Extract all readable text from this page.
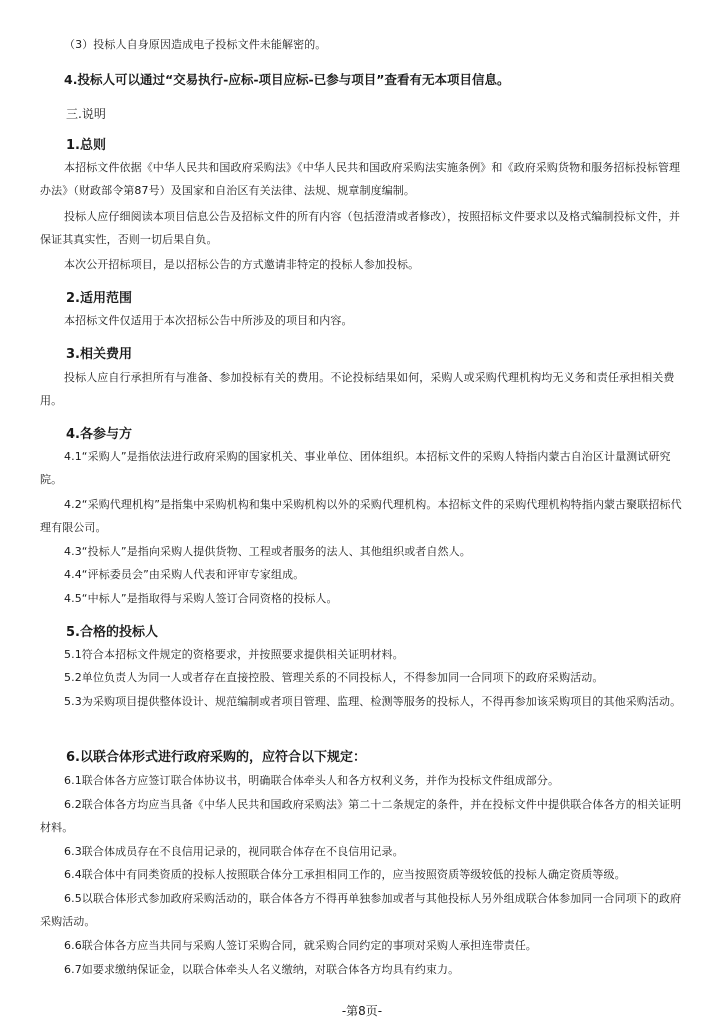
（3）投标人自身原因造成电子投标文件未能解密的。

4.投标人可以通过“交易执行-应标-项目应标-已参与项目”查看有无本项目信息。

三.说明

1.总则

本招标文件依据《中华人民共和国政府采购法》《中华人民共和国政府采购法实施条例》和《政府采购货物和服务招标投标管理办法》（财政部令第87号）及国家和自治区有关法律、法规、规章制度编制。

投标人应仔细阅读本项目信息公告及招标文件的所有内容（包括澄清或者修改），按照招标文件要求以及格式编制投标文件，并保证其真实性，否则一切后果自负。

本次公开招标项目，是以招标公告的方式邀请非特定的投标人参加投标。

2.适用范围

本招标文件仅适用于本次招标公告中所涉及的项目和内容。

3.相关费用

投标人应自行承担所有与准备、参加投标有关的费用。不论投标结果如何，采购人或采购代理机构均无义务和责任承担相关费用。

4.各参与方

4.1“采购人”是指依法进行政府采购的国家机关、事业单位、团体组织。本招标文件的采购人特指内蒙古自治区计量测试研究院。

4.2“采购代理机构”是指集中采购机构和集中采购机构以外的采购代理机构。本招标文件的采购代理机构特指内蒙古聚联招标代理有限公司。

4.3“投标人”是指向采购人提供货物、工程或者服务的法人、其他组织或者自然人。

4.4“评标委员会”由采购人代表和评审专家组成。

4.5“中标人”是指取得与采购人签订合同资格的投标人。

5.合格的投标人

5.1符合本招标文件规定的资格要求，并按照要求提供相关证明材料。

5.2单位负责人为同一人或者存在直接控股、管理关系的不同投标人，不得参加同一合同项下的政府采购活动。

5.3为采购项目提供整体设计、规范编制或者项目管理、监理、检测等服务的投标人，不得再参加该采购项目的其他采购活动。

6.以联合体形式进行政府采购的，应符合以下规定：

6.1联合体各方应签订联合体协议书，明确联合体牵头人和各方权利义务，并作为投标文件组成部分。

6.2联合体各方均应当具备《中华人民共和国政府采购法》第二十二条规定的条件，并在投标文件中提供联合体各方的相关证明材料。

6.3联合体成员存在不良信用记录的，视同联合体存在不良信用记录。

6.4联合体中有同类资质的投标人按照联合体分工承担相同工作的，应当按照资质等级较低的投标人确定资质等级。

6.5以联合体形式参加政府采购活动的，联合体各方不得再单独参加或者与其他投标人另外组成联合体参加同一合同项下的政府采购活动。

6.6联合体各方应当共同与采购人签订采购合同，就采购合同约定的事项对采购人承担连带责任。

6.7如要求缴纳保证金，以联合体牵头人名义缴纳，对联合体各方均具有约束力。

-第8页-
